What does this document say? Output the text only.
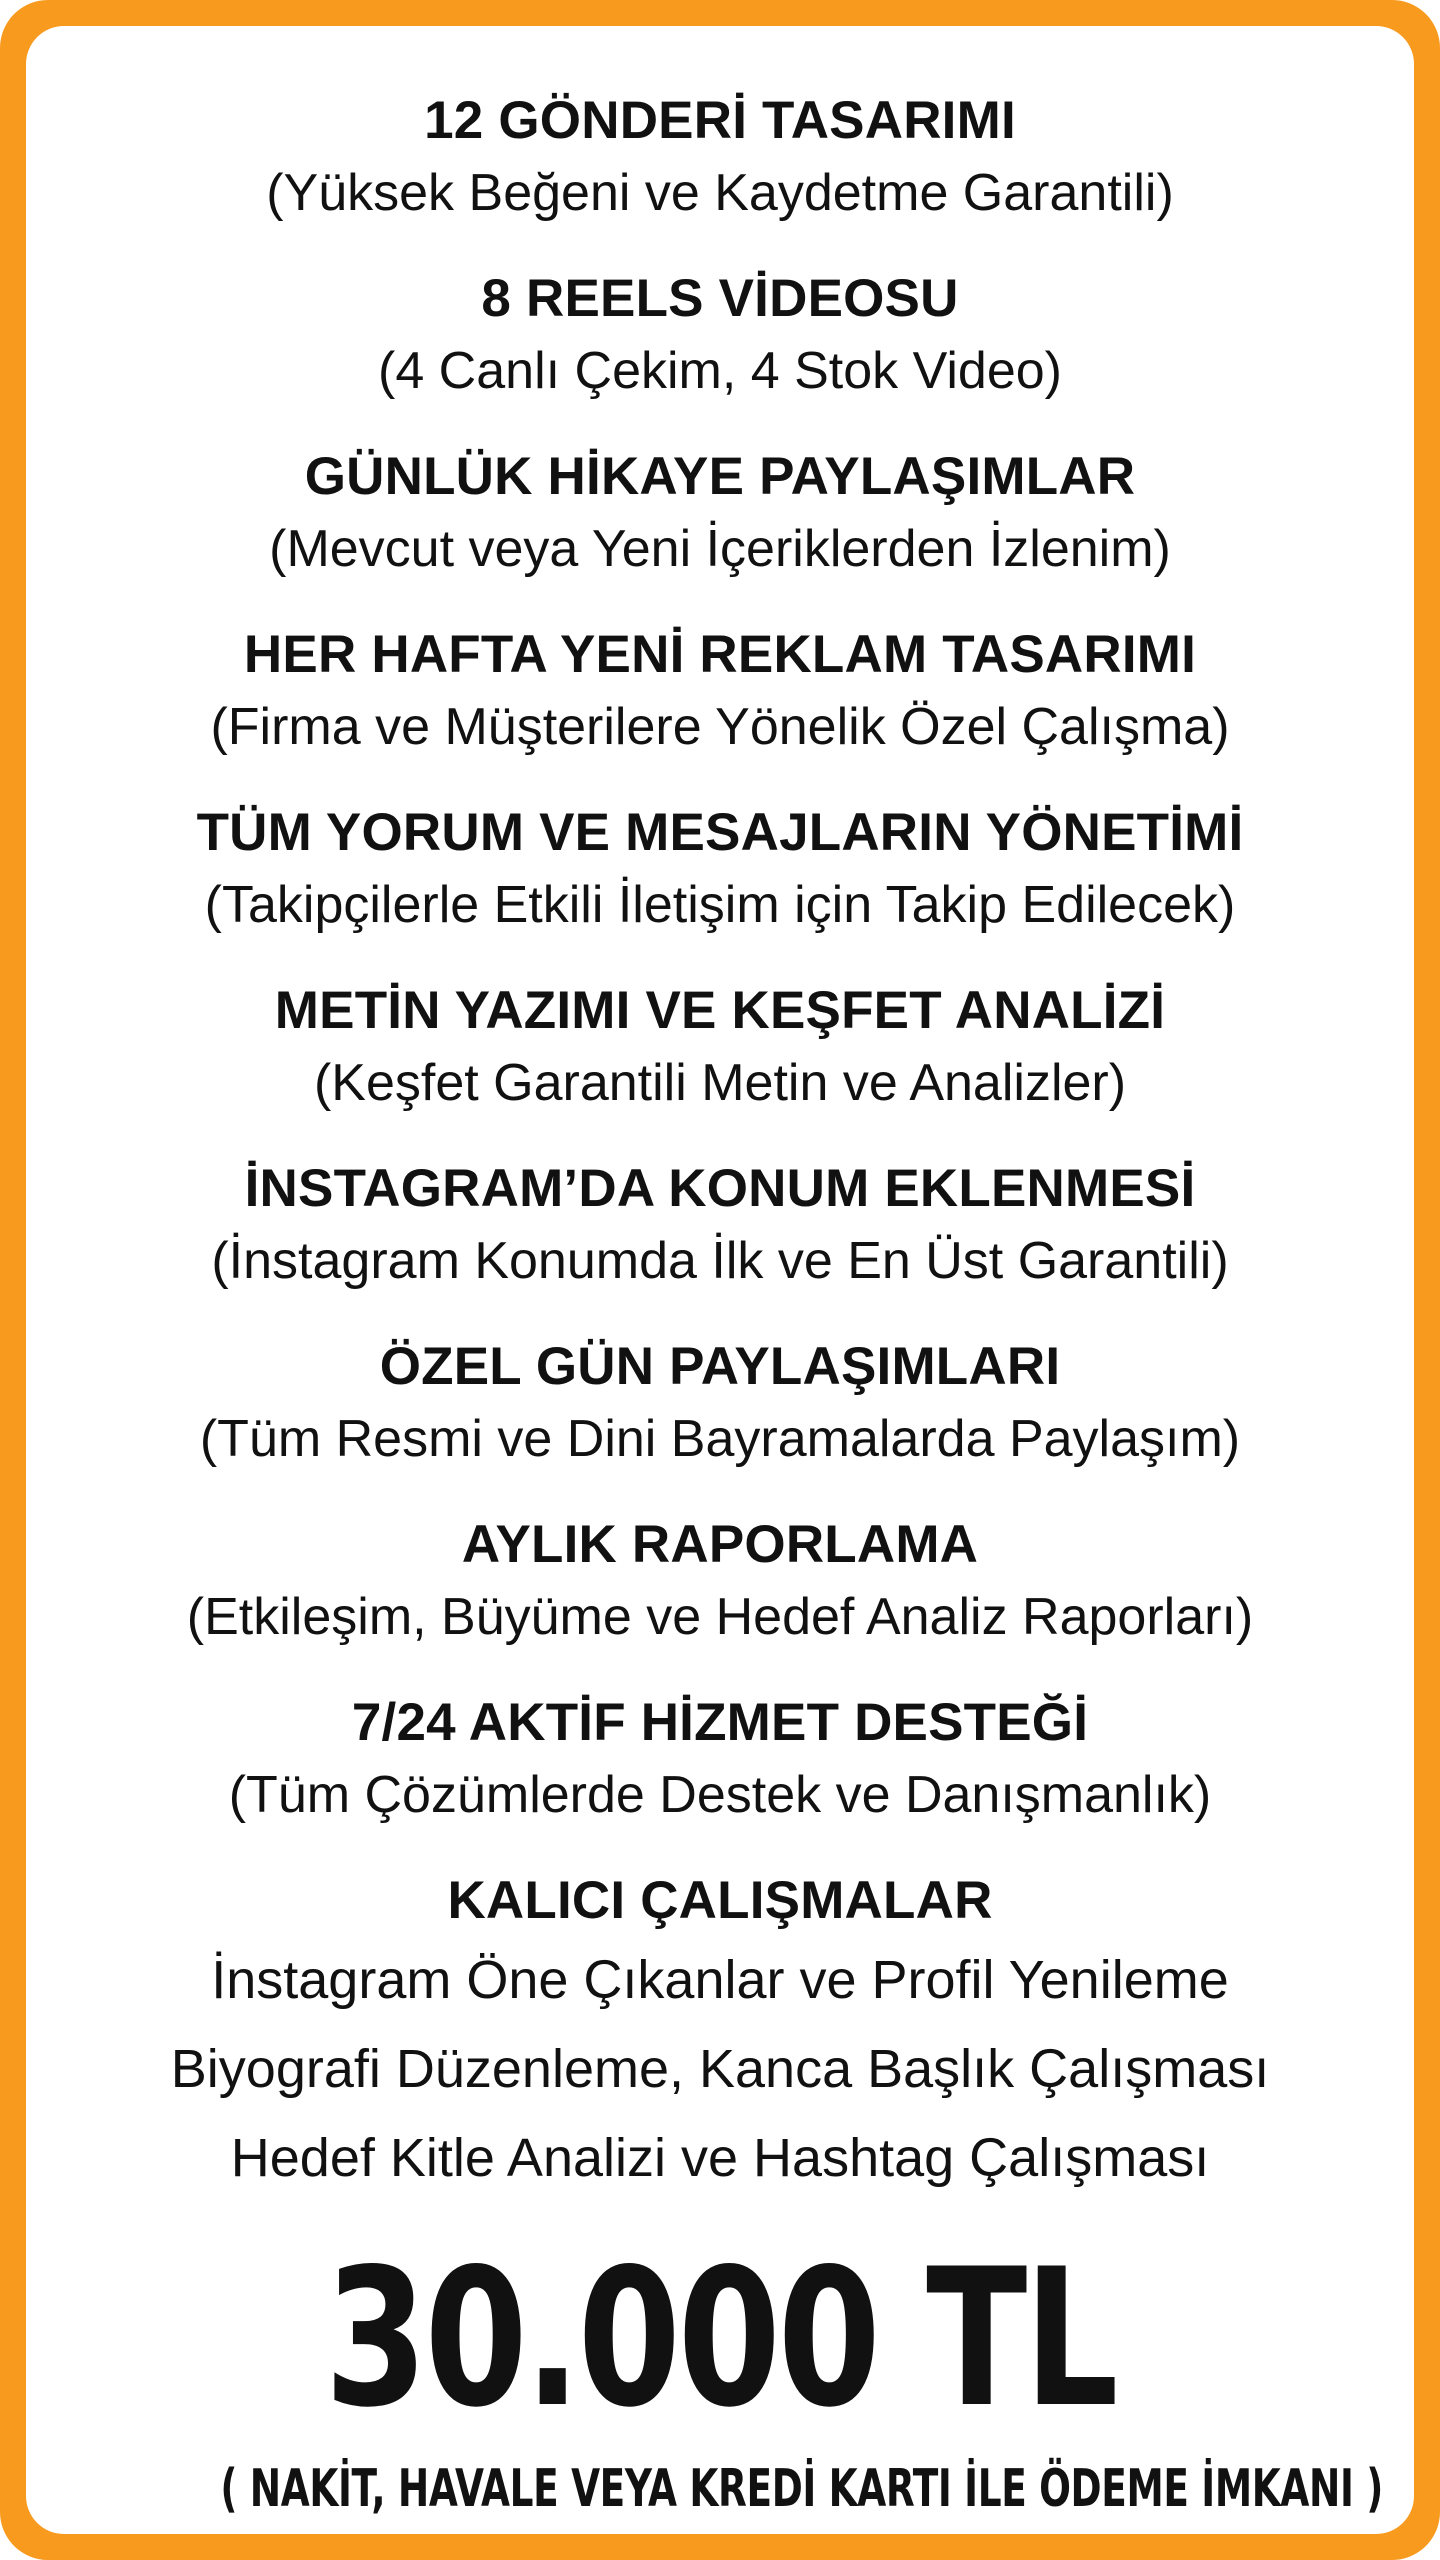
12 GÖNDERİ TASARIMI
(Yüksek Beğeni ve Kaydetme Garantili)
8 REELS VİDEOSU
(4 Canlı Çekim, 4 Stok Video)
GÜNLÜK HİKAYE PAYLAŞIMLAR
(Mevcut veya Yeni İçeriklerden İzlenim)
HER HAFTA YENİ REKLAM TASARIMI
(Firma ve Müşterilere Yönelik Özel Çalışma)
TÜM YORUM VE MESAJLARIN YÖNETİMİ
(Takipçilerle Etkili İletişim için Takip Edilecek)
METİN YAZIMI VE KEŞFET ANALİZİ
(Keşfet Garantili Metin ve Analizler)
İNSTAGRAM’DA KONUM EKLENMESİ
(İnstagram Konumda İlk ve En Üst Garantili)
ÖZEL GÜN PAYLAŞIMLARI
(Tüm Resmi ve Dini Bayramalarda Paylaşım)
AYLIK RAPORLAMA
(Etkileşim, Büyüme ve Hedef Analiz Raporları)
7/24 AKTİF HİZMET DESTEĞİ
(Tüm Çözümlerde Destek ve Danışmanlık)
KALICI ÇALIŞMALAR
İnstagram Öne Çıkanlar ve Profil Yenileme
Biyografi Düzenleme, Kanca Başlık Çalışması
Hedef Kitle Analizi ve Hashtag Çalışması
30.000 TL
( NAKİT, HAVALE VEYA KREDİ KARTI İLE ÖDEME İMKANI )
